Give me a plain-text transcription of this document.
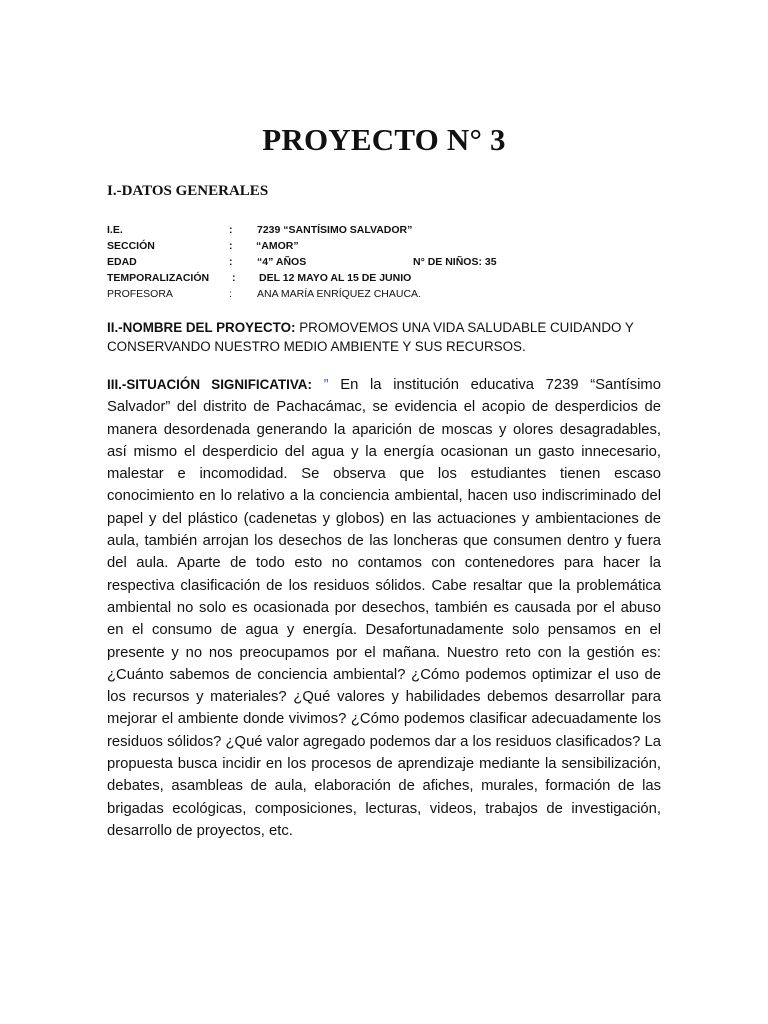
PROYECTO N° 3
I.-DATOS GENERALES
I.E.	: 7239 “SANTÍSIMO SALVADOR”
SECCIÓN	: “AMOR”
EDAD	: “4” AÑOS	N° DE NIÑOS: 35
TEMPORALIZACIÓN : DEL 12 MAYO AL 15 DE JUNIO
PROFESORA	: ANA MARÍA ENRÍQUEZ CHAUCA.
II.-NOMBRE DEL PROYECTO: PROMOVEMOS UNA VIDA SALUDABLE CUIDANDO Y CONSERVANDO NUESTRO MEDIO AMBIENTE Y SUS RECURSOS.
III.-SITUACIÓN SIGNIFICATIVA: ” En la institución educativa 7239 “Santísimo Salvador” del distrito de Pachacámac, se evidencia el acopio de desperdicios de manera desordenada generando la aparición de moscas y olores desagradables, así mismo el desperdicio del agua y la energía ocasionan un gasto innecesario, malestar e incomodidad. Se observa que los estudiantes tienen escaso conocimiento en lo relativo a la conciencia ambiental, hacen uso indiscriminado del papel y del plástico (cadenetas y globos) en las actuaciones y ambientaciones de aula, también arrojan los desechos de las loncheras que consumen dentro y fuera del aula. Aparte de todo esto no contamos con contenedores para hacer la respectiva clasificación de los residuos sólidos. Cabe resaltar que la problemática ambiental no solo es ocasionada por desechos, también es causada por el abuso en el consumo de agua y energía. Desafortunadamente solo pensamos en el presente y no nos preocupamos por el mañana. Nuestro reto con la gestión es: ¿Cuánto sabemos de conciencia ambiental? ¿Cómo podemos optimizar el uso de los recursos y materiales? ¿Qué valores y habilidades debemos desarrollar para mejorar el ambiente donde vivimos? ¿Cómo podemos clasificar adecuadamente los residuos sólidos? ¿Qué valor agregado podemos dar a los residuos clasificados? La propuesta busca incidir en los procesos de aprendizaje mediante la sensibilización, debates, asambleas de aula, elaboración de afiches, murales, formación de las brigadas ecológicas, composiciones, lecturas, videos, trabajos de investigación, desarrollo de proyectos, etc.
